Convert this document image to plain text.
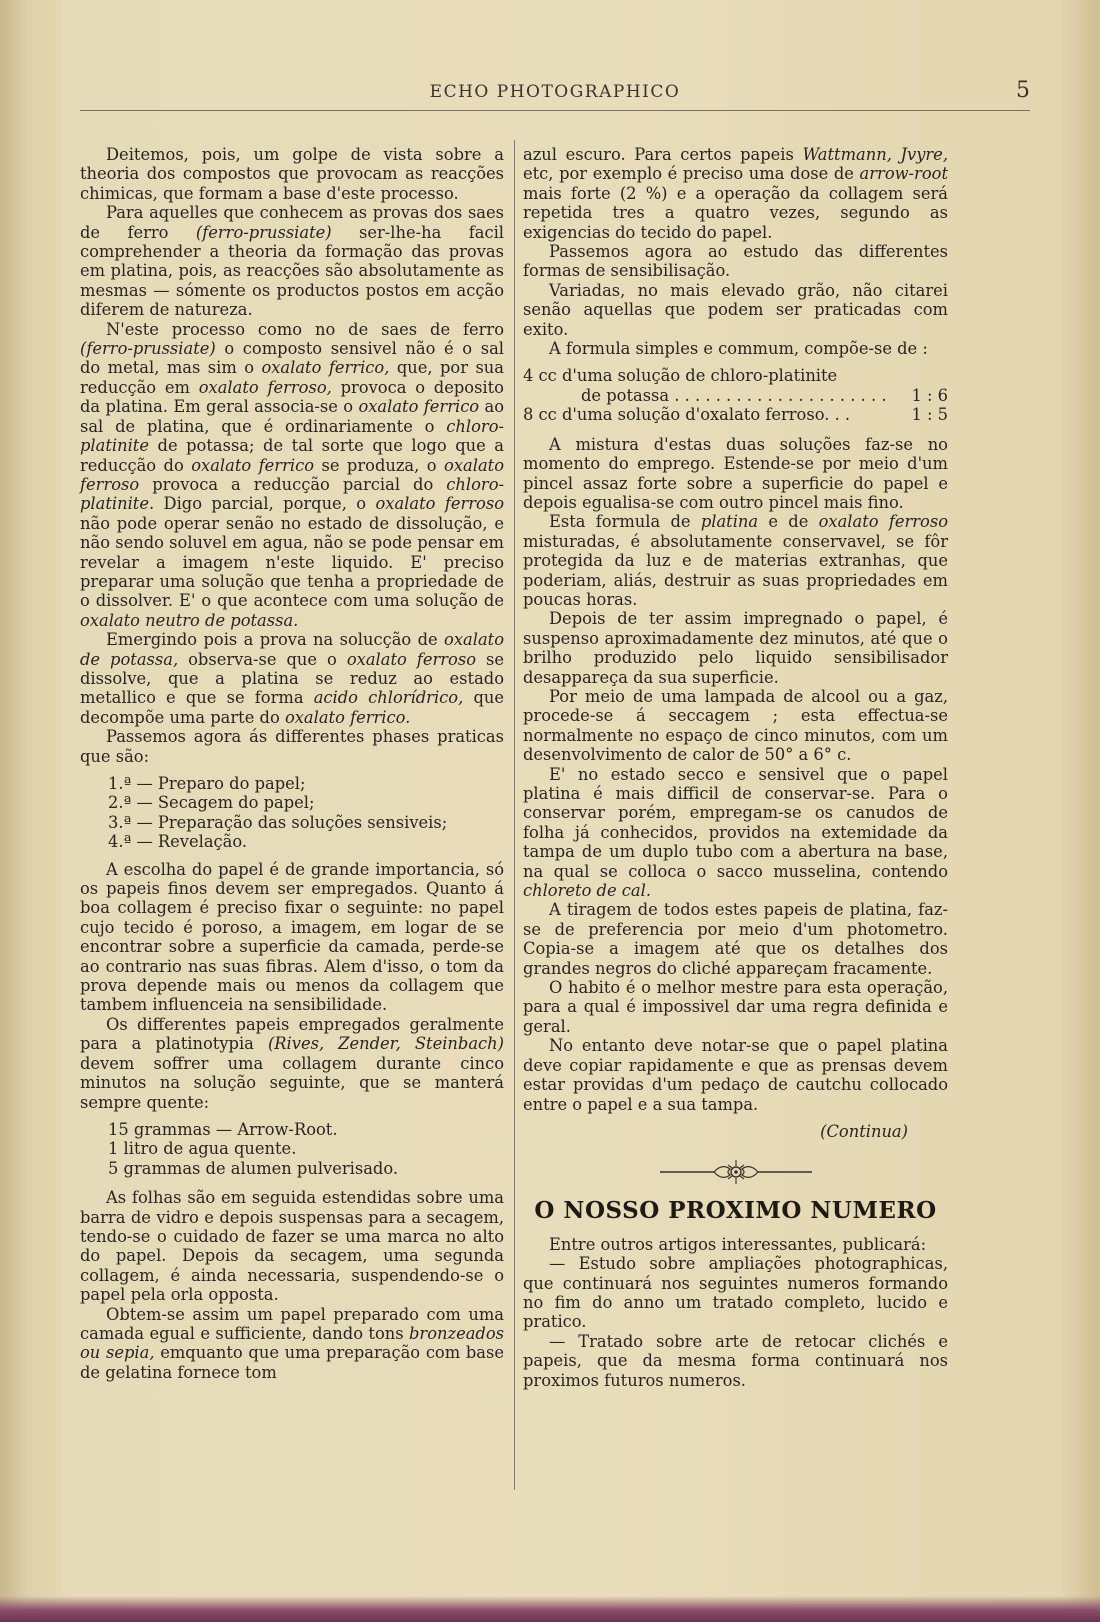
ECHO PHOTOGRAPHICO	5

Deitemos, pois, um golpe de vista sobre a theoria dos compostos que provocam as reacções chimicas, que formam a base d'este processo.

Para aquelles que conhecem as provas dos saes de ferro (ferro-prussiate) ser-lhe-ha facil comprehender a theoria da formação das provas em platina, pois, as reacções são absolutamente as mesmas — sómente os productos postos em acção diferem de natureza.

N'este processo como no de saes de ferro (ferro-prussiate) o composto sensivel não é o sal do metal, mas sim o oxalato ferrico, que, por sua reducção em oxalato ferroso, provoca o deposito da platina. Em geral associa-se o oxalato ferrico ao sal de platina, que é ordinariamente o chloro-platinite de potassa; de tal sorte que logo que a reducção do oxalato ferrico se produza, o oxalato ferroso provoca a reducção parcial do chloro-platinite. Digo parcial, porque, o oxalato ferroso não pode operar senão no estado de dissolução, e não sendo soluvel em agua, não se pode pensar em revelar a imagem n'este liquido. E' preciso preparar uma solução que tenha a propriedade de o dissolver. E' o que acontece com uma solução de oxalato neutro de potassa.

Emergindo pois a prova na solucção de oxalato de potassa, observa-se que o oxalato ferroso se dissolve, que a platina se reduz ao estado metallico e que se forma acido chlorídrico, que decompõe uma parte do oxalato ferrico.

Passemos agora ás differentes phases praticas que são:

1.ª — Preparo do papel;
2.ª — Secagem do papel;
3.ª — Preparação das soluções sensiveis;
4.ª — Revelação.

A escolha do papel é de grande importancia, só os papeis finos devem ser empregados. Quanto á boa collagem é preciso fixar o seguinte: no papel cujo tecido é poroso, a imagem, em logar de se encontrar sobre a superficie da camada, perde-se ao contrario nas suas fibras. Alem d'isso, o tom da prova depende mais ou menos da collagem que tambem influenceia na sensibilidade.

Os differentes papeis empregados geralmente para a platinotypia (Rives, Zender, Steinbach) devem soffrer uma collagem durante cinco minutos na solução seguinte, que se manterá sempre quente:

15 grammas — Arrow-Root.
1 litro de agua quente.
5 grammas de alumen pulverisado.

As folhas são em seguida estendidas sobre uma barra de vidro e depois suspensas para a secagem, tendo-se o cuidado de fazer se uma marca no alto do papel. Depois da secagem, uma segunda collagem, é ainda necessaria, suspendendo-se o papel pela orla opposta.

Obtem-se assim um papel preparado com uma camada egual e sufficiente, dando tons bronzeados ou sepia, emquanto que uma preparação com base de gelatina fornece tom

azul escuro. Para certos papeis Wattmann, Jvyre, etc, por exemplo é preciso uma dose de arrow-root mais forte (2 %) e a operação da collagem será repetida tres a quatro vezes, segundo as exigencias do tecido do papel.

Passemos agora ao estudo das differentes formas de sensibilisação.

Variadas, no mais elevado grão, não citarei senão aquellas que podem ser praticadas com exito.

A formula simples e commum, compõe-se de :

4 cc d'uma solução de chloro-platinite
de potassa . . . . . . . . . . . . . . . . . . . . . 1 : 6
8 cc d'uma solução d'oxalato ferroso. . .	1 : 5

A mistura d'estas duas soluções faz-se no momento do emprego. Estende-se por meio d'um pincel assaz forte sobre a superficie do papel e depois egualisa-se com outro pincel mais fino.

Esta formula de platina e de oxalato ferroso misturadas, é absolutamente conservavel, se fôr protegida da luz e de materias extranhas, que poderiam, aliás, destruir as suas propriedades em poucas horas.

Depois de ter assim impregnado o papel, é suspenso aproximadamente dez minutos, até que o brilho produzido pelo liquido sensibilisador desappareça da sua superficie.

Por meio de uma lampada de alcool ou a gaz, procede-se á seccagem ; esta effectua-se normalmente no espaço de cinco minutos, com um desenvolvimento de calor de 50° a 6° c.

E' no estado secco e sensivel que o papel platina é mais difficil de conservar-se. Para o conservar porém, empregam-se os canudos de folha já conhecidos, providos na extemidade da tampa de um duplo tubo com a abertura na base, na qual se colloca o sacco musselina, contendo chloreto de cal.

A tiragem de todos estes papeis de platina, faz-se de preferencia por meio d'um photometro. Copia-se a imagem até que os detalhes dos grandes negros do cliché appareçam fracamente.

O habito é o melhor mestre para esta operação, para a qual é impossivel dar uma regra definida e geral.

No entanto deve notar-se que o papel platina deve copiar rapidamente e que as prensas devem estar providas d'um pedaço de cautchu collocado entre o papel e a sua tampa.

(Continua)
O NOSSO PROXIMO NUMERO

Entre outros artigos interessantes, publicará:

— Estudo sobre ampliações photographicas, que continuará nos seguintes numeros formando no fim do anno um tratado completo, lucido e pratico.

— Tratado sobre arte de retocar clichés e papeis, que da mesma forma continuará nos proximos futuros numeros.
